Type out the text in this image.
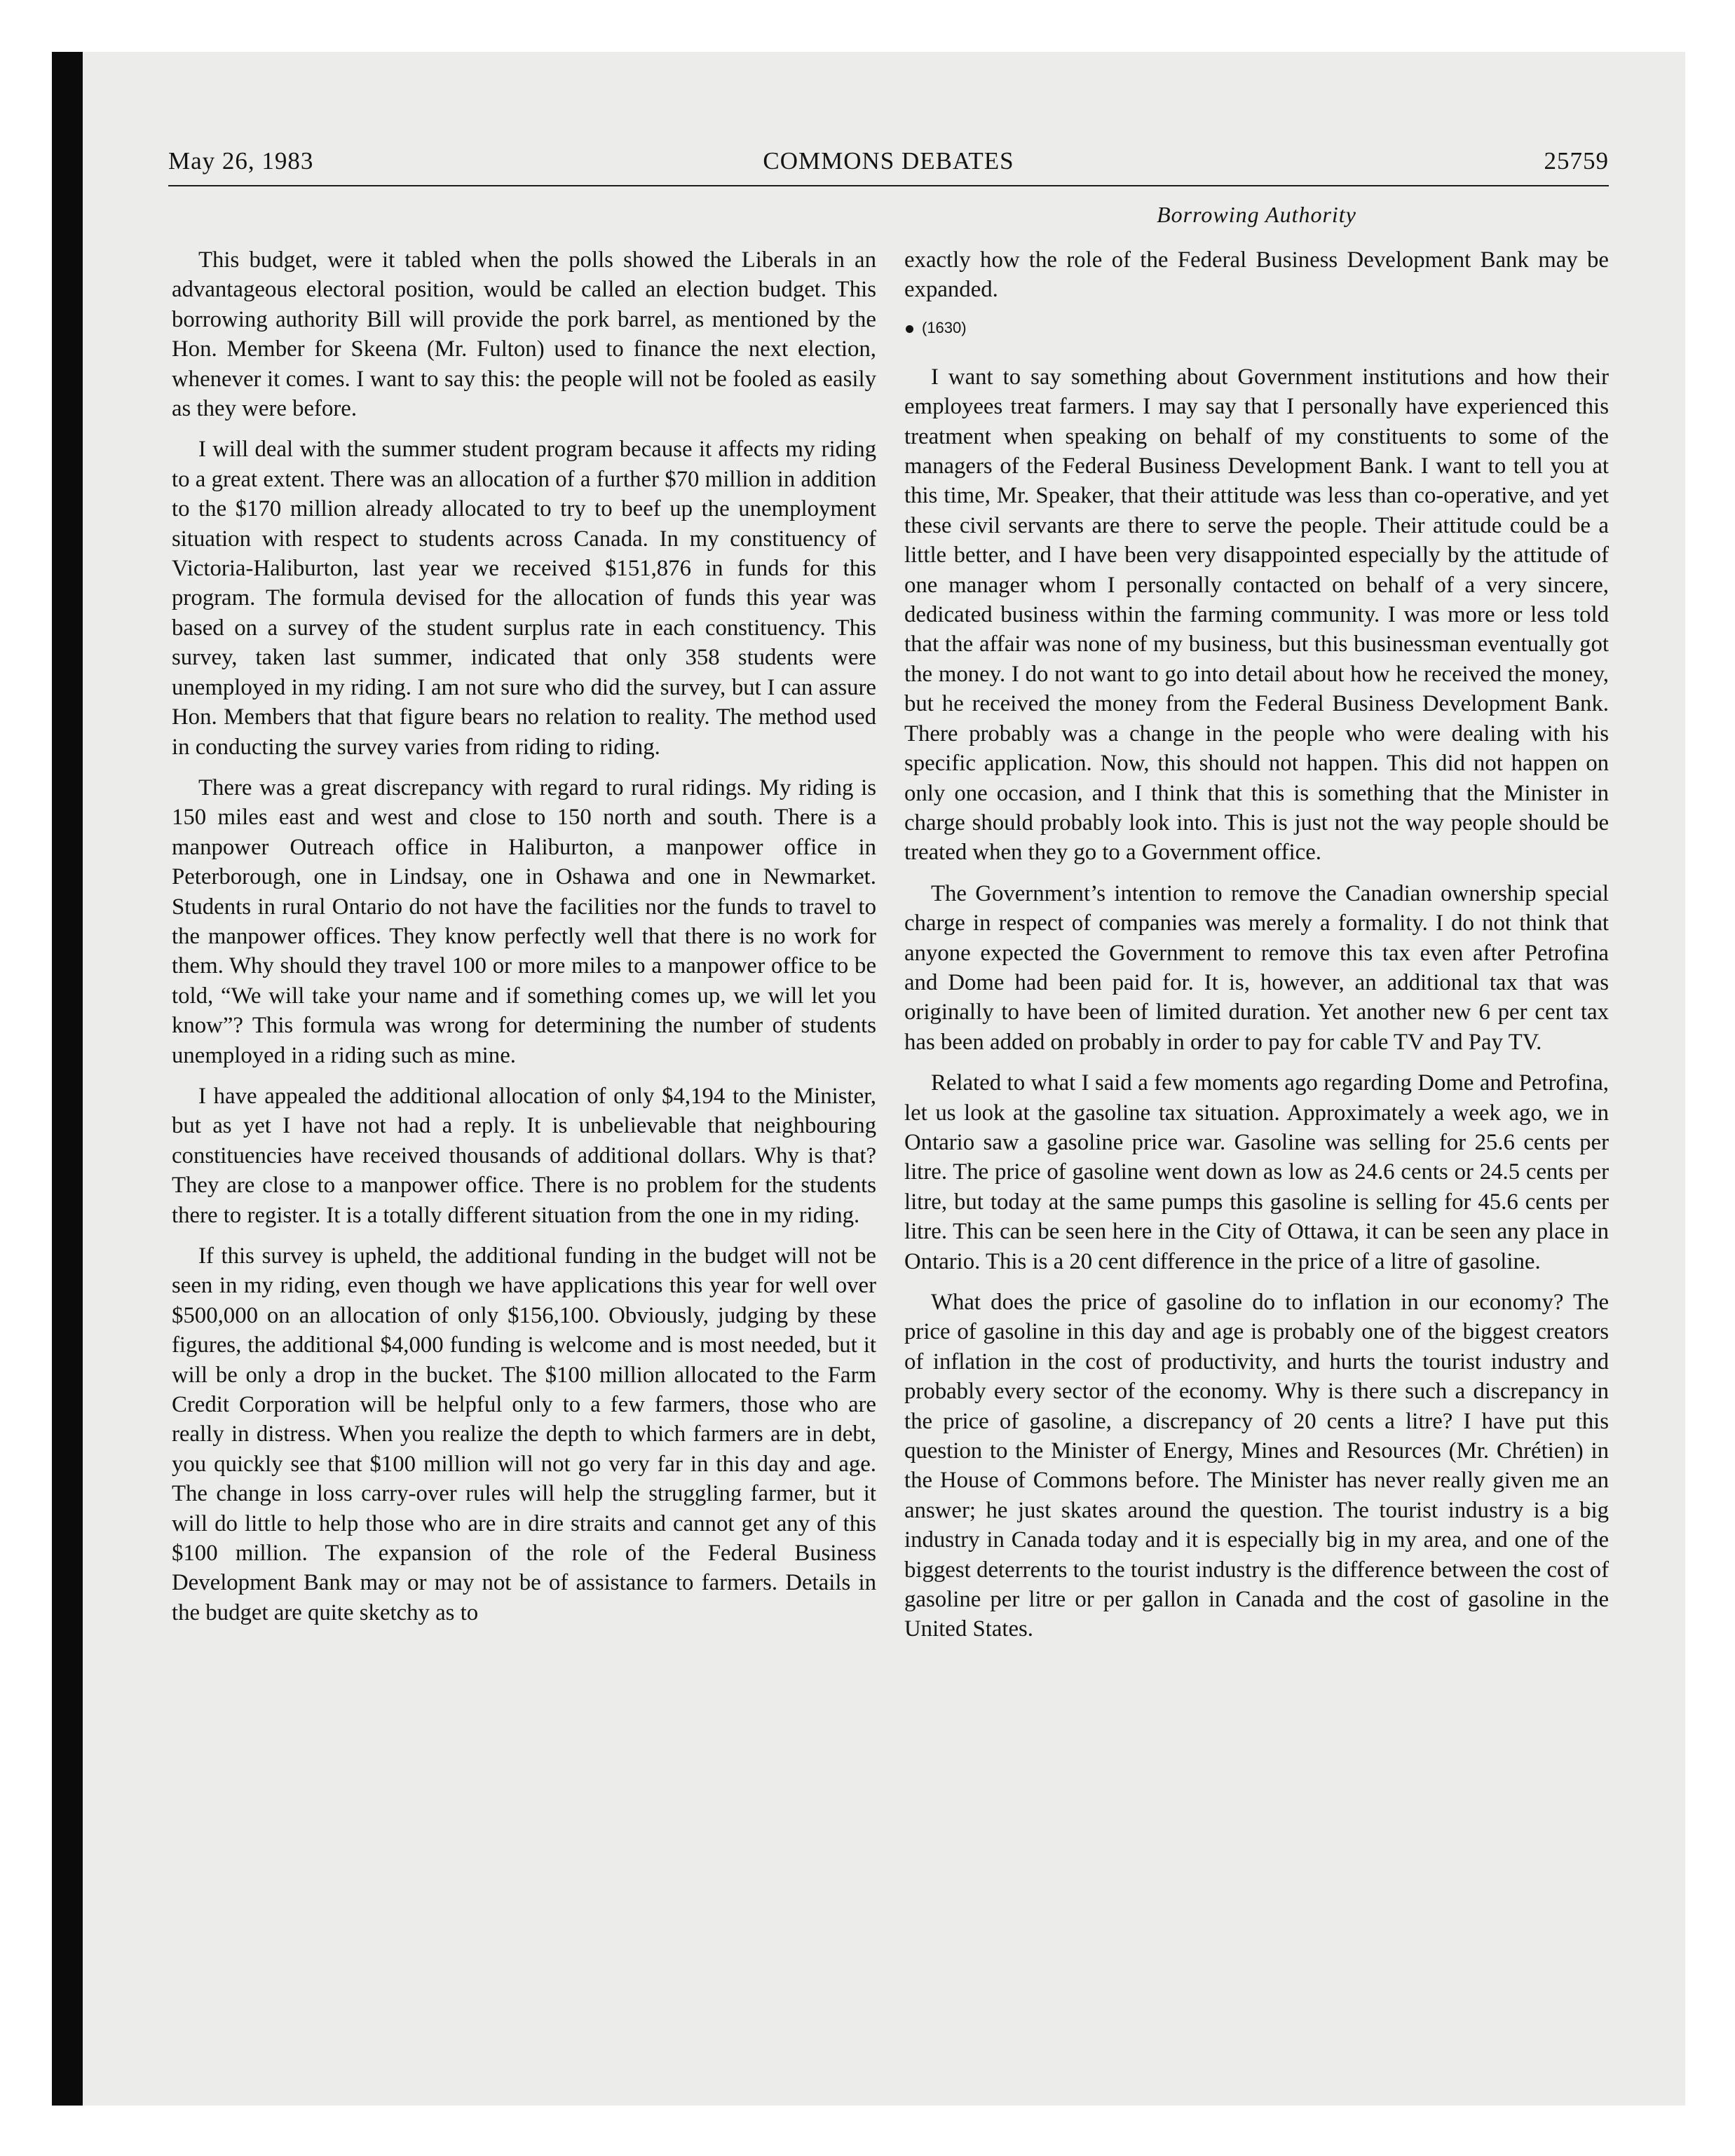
May 26, 1983	COMMONS DEBATES	25759
Borrowing Authority

This budget, were it tabled when the polls showed the Liberals in an advantageous electoral position, would be called an election budget. This borrowing authority Bill will provide the pork barrel, as mentioned by the Hon. Member for Skeena (Mr. Fulton) used to finance the next election, whenever it comes. I want to say this: the people will not be fooled as easily as they were before.

I will deal with the summer student program because it affects my riding to a great extent. There was an allocation of a further $70 million in addition to the $170 million already allocated to try to beef up the unemployment situation with respect to students across Canada. In my constituency of Victoria-Haliburton, last year we received $151,876 in funds for this program. The formula devised for the allocation of funds this year was based on a survey of the student surplus rate in each constituency. This survey, taken last summer, indicated that only 358 students were unemployed in my riding. I am not sure who did the survey, but I can assure Hon. Members that that figure bears no relation to reality. The method used in conducting the survey varies from riding to riding.

There was a great discrepancy with regard to rural ridings. My riding is 150 miles east and west and close to 150 north and south. There is a manpower Outreach office in Haliburton, a manpower office in Peterborough, one in Lindsay, one in Oshawa and one in Newmarket. Students in rural Ontario do not have the facilities nor the funds to travel to the manpower offices. They know perfectly well that there is no work for them. Why should they travel 100 or more miles to a manpower office to be told, “We will take your name and if something comes up, we will let you know”? This formula was wrong for determining the number of students unemployed in a riding such as mine.

I have appealed the additional allocation of only $4,194 to the Minister, but as yet I have not had a reply. It is unbelievable that neighbouring constituencies have received thousands of additional dollars. Why is that? They are close to a manpower office. There is no problem for the students there to register. It is a totally different situation from the one in my riding.

If this survey is upheld, the additional funding in the budget will not be seen in my riding, even though we have applications this year for well over $500,000 on an allocation of only $156,100. Obviously, judging by these figures, the additional $4,000 funding is welcome and is most needed, but it will be only a drop in the bucket. The $100 million allocated to the Farm Credit Corporation will be helpful only to a few farmers, those who are really in distress. When you realize the depth to which farmers are in debt, you quickly see that $100 million will not go very far in this day and age. The change in loss carry-over rules will help the struggling farmer, but it will do little to help those who are in dire straits and cannot get any of this $100 million. The expansion of the role of the Federal Business Development Bank may or may not be of assistance to farmers. Details in the budget are quite sketchy as to

exactly how the role of the Federal Business Development Bank may be expanded.

(1630)

I want to say something about Government institutions and how their employees treat farmers. I may say that I personally have experienced this treatment when speaking on behalf of my constituents to some of the managers of the Federal Business Development Bank. I want to tell you at this time, Mr. Speaker, that their attitude was less than co-operative, and yet these civil servants are there to serve the people. Their attitude could be a little better, and I have been very disappointed especially by the attitude of one manager whom I personally contacted on behalf of a very sincere, dedicated business within the farming community. I was more or less told that the affair was none of my business, but this businessman eventually got the money. I do not want to go into detail about how he received the money, but he received the money from the Federal Business Development Bank. There probably was a change in the people who were dealing with his specific application. Now, this should not happen. This did not happen on only one occasion, and I think that this is something that the Minister in charge should probably look into. This is just not the way people should be treated when they go to a Government office.

The Government’s intention to remove the Canadian ownership special charge in respect of companies was merely a formality. I do not think that anyone expected the Government to remove this tax even after Petrofina and Dome had been paid for. It is, however, an additional tax that was originally to have been of limited duration. Yet another new 6 per cent tax has been added on probably in order to pay for cable TV and Pay TV.

Related to what I said a few moments ago regarding Dome and Petrofina, let us look at the gasoline tax situation. Approximately a week ago, we in Ontario saw a gasoline price war. Gasoline was selling for 25.6 cents per litre. The price of gasoline went down as low as 24.6 cents or 24.5 cents per litre, but today at the same pumps this gasoline is selling for 45.6 cents per litre. This can be seen here in the City of Ottawa, it can be seen any place in Ontario. This is a 20 cent difference in the price of a litre of gasoline.

What does the price of gasoline do to inflation in our economy? The price of gasoline in this day and age is probably one of the biggest creators of inflation in the cost of productivity, and hurts the tourist industry and probably every sector of the economy. Why is there such a discrepancy in the price of gasoline, a discrepancy of 20 cents a litre? I have put this question to the Minister of Energy, Mines and Resources (Mr. Chrétien) in the House of Commons before. The Minister has never really given me an answer; he just skates around the question. The tourist industry is a big industry in Canada today and it is especially big in my area, and one of the biggest deterrents to the tourist industry is the difference between the cost of gasoline per litre or per gallon in Canada and the cost of gasoline in the United States.
